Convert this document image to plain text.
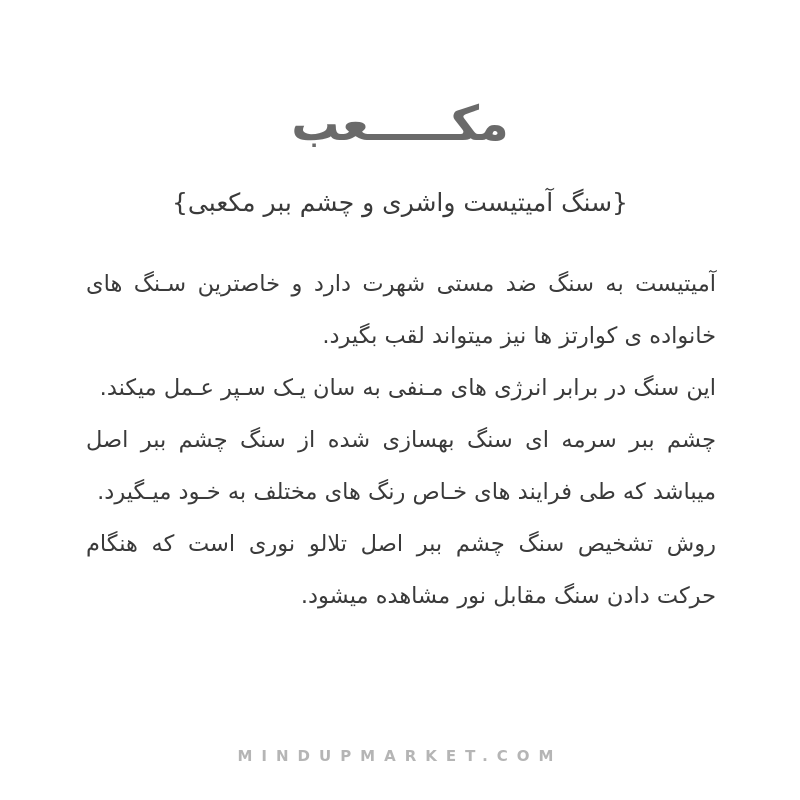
مکـــــعب
{سنگ آمیتیست واشری و چشم ببر مکعبی}

آمیتیست به سنگ ضد مستی شهرت دارد و خاصترین سـنگ های خانواده ی کوارتز ها نیز میتواند لقب بگیرد.

این سنگ در برابر انرژی های مـنفی به سان یـک سـپر عـمل میکند.

چشم ببر سرمه ای سنگ بهسازی شده از سنگ چشم ببر اصل میباشد که طی فرایند های خـاص رنگ های مختلف به خـود میـگیرد.

روش تشخیص سنگ چشم ببر اصل تلالو نوری است که هنگام حرکت دادن سنگ مقابل نور مشاهده میشود.

MINDUPMARKET.COM
